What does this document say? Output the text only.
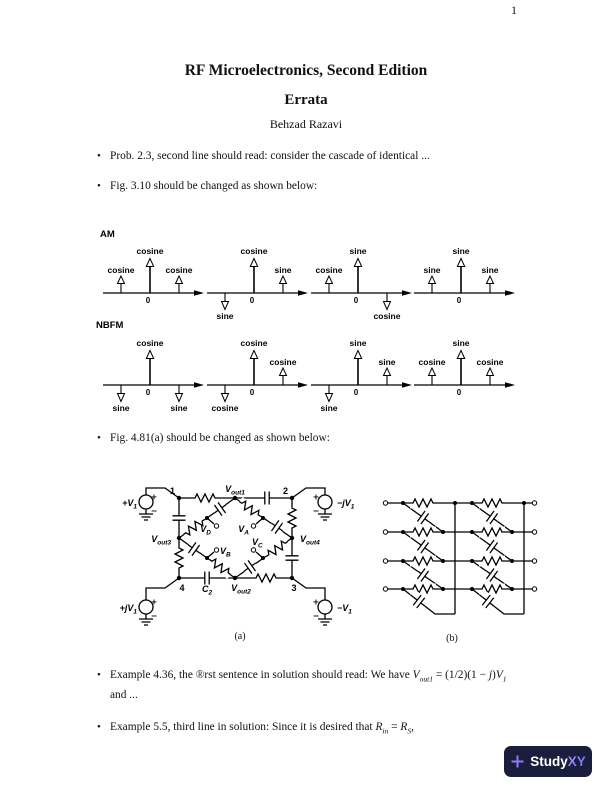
1
RF Microelectronics, Second Edition
Errata
Behzad Razavi
• Prob. 2.3, second line should read: consider the cascade of identical ...
• Fig. 3.10 should be changed as shown below:
AM
NBFM
cosine
cosine	cosine
0
cosine
sine
sine
0
sine
cosine
cosine
0
sine
sine	sine
0
cosine
sine	sine
0
cosine
cosine
cosine
0
sine
sine
sine
0
sine
cosine	cosine
0
• Fig. 4.81(a) should be changed as shown below:
+
−
+
−
+
−
+
−
1	2
4	3
$V_{out1}$
$V_{out2}$
$V_{out3}$	$V_{out4}$
$V_D$	$V_A$
$V_B$
$V_C$
$C_2$
$+V_1$	$-jV_1$
$+jV_1$	$-V_1$
(a)	(b)
• Example 4.36, the ®rst sentence in solution should read: We have $V_{out1} = (1/2)(1 - j)V_1$
and ...
• Example 5.5, third line in solution: Since it is desired that $R_{in} = R_S$,
StudyXY
